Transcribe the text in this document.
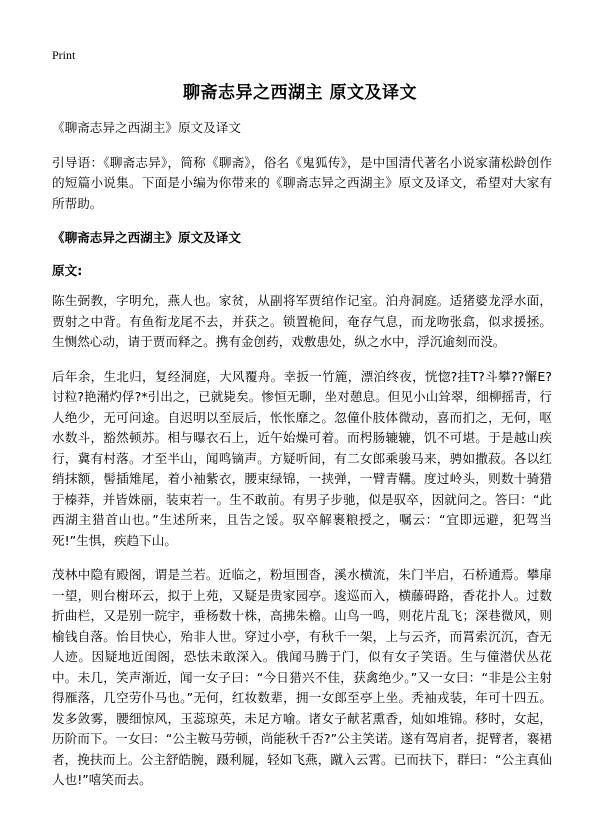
Print
聊斋志异之西湖主 原文及译文

《聊斋志异之西湖主》原文及译文

引导语：《聊斋志异》，简称《聊斋》，俗名《鬼狐传》，是中国清代著名小说家蒲松龄创作的短篇小说集。下面是小编为你带来的《聊斋志异之西湖主》原文及译文，希望对大家有所帮助。

《聊斋志异之西湖主》原文及译文

原文:

陈生弼教，字明允，燕人也。家贫，从副将军贾绾作记室。泊舟洞庭。适猪婆龙浮水面，贾射之中背。有鱼衔龙尾不去，并获之。锁置桅间，奄存气息，而龙吻张翕，似求援拯。生恻然心动，请于贾而释之。携有金创药，戏敷患处，纵之水中，浮沉逾刻而没。

后年余，生北归，复经洞庭，大风覆舟。幸扳一竹簏，漂泊终夜，恍惚?挂T?斗攀??懈E?讨粒?艳潲灼俘?*引出之，已就毙矣。惨恒无聊，坐对憩息。但见小山耸翠，细柳摇青，行人绝少，无可问途。自迟明以至辰后，怅怅靡之。忽僮仆肢体微动，喜而扪之，无何，呕水数斗，豁然顿苏。相与曝衣石上，近午始燥可着。而枵肠辘辘，饥不可堪。于是越山疾行，冀有村落。才至半山，闻鸣镝声。方疑听间，有二女郎乘骏马来，骋如撒菽。各以红绡抹额，髻插雉尾，着小袖紫衣，腰束绿锦，一挟弹，一臂青鞲。度过岭头，则数十骑猎于榛莽，并皆姝丽，装束若一。生不敢前。有男子步驰，似是驭卒，因就问之。答曰：“此西湖主猎首山也。”生述所来，且告之馁。驭卒解裹粮授之，嘱云：“宜即远避，犯驾当死!”生惧，疾趋下山。

茂林中隐有殿阁，谓是兰若。近临之，粉垣围沓，溪水横流，朱门半启，石桥通焉。攀扉一望，则台榭环云，拟于上苑，又疑是贵家园亭。逡巡而入，横藤碍路，香花扑人。过数折曲栏，又是别一院宇，垂杨数十株，高拂朱檐。山鸟一鸣，则花片乱飞；深巷微风，则榆钱自落。怡目快心，殆非人世。穿过小亭，有秋千一架，上与云齐，而罥索沉沉，杳无人迹。因疑地近闺阁，恐怯未敢深入。俄闻马腾于门，似有女子笑语。生与僮潜伏丛花中。未几，笑声渐近，闻一女子曰：“今日猎兴不佳，获禽绝少。”又一女曰：“非是公主射得雁落，几空劳仆马也。”无何，红妆数辈，拥一女郎至亭上坐。秃袖戎装，年可十四五。发多敛雾，腰细惊风，玉蕊琼英，未足方喻。诸女子献茗熏香，灿如堆锦。移时，女起，历阶而下。一女曰：“公主鞍马劳顿，尚能秋千否?”公主笑诺。遂有驾肩者，捉臂者，褰裙者，挽扶而上。公主舒皓腕，蹑利屣，轻如飞燕，蹴入云霄。已而扶下，群曰：“公主真仙人也!”嘻笑而去。
